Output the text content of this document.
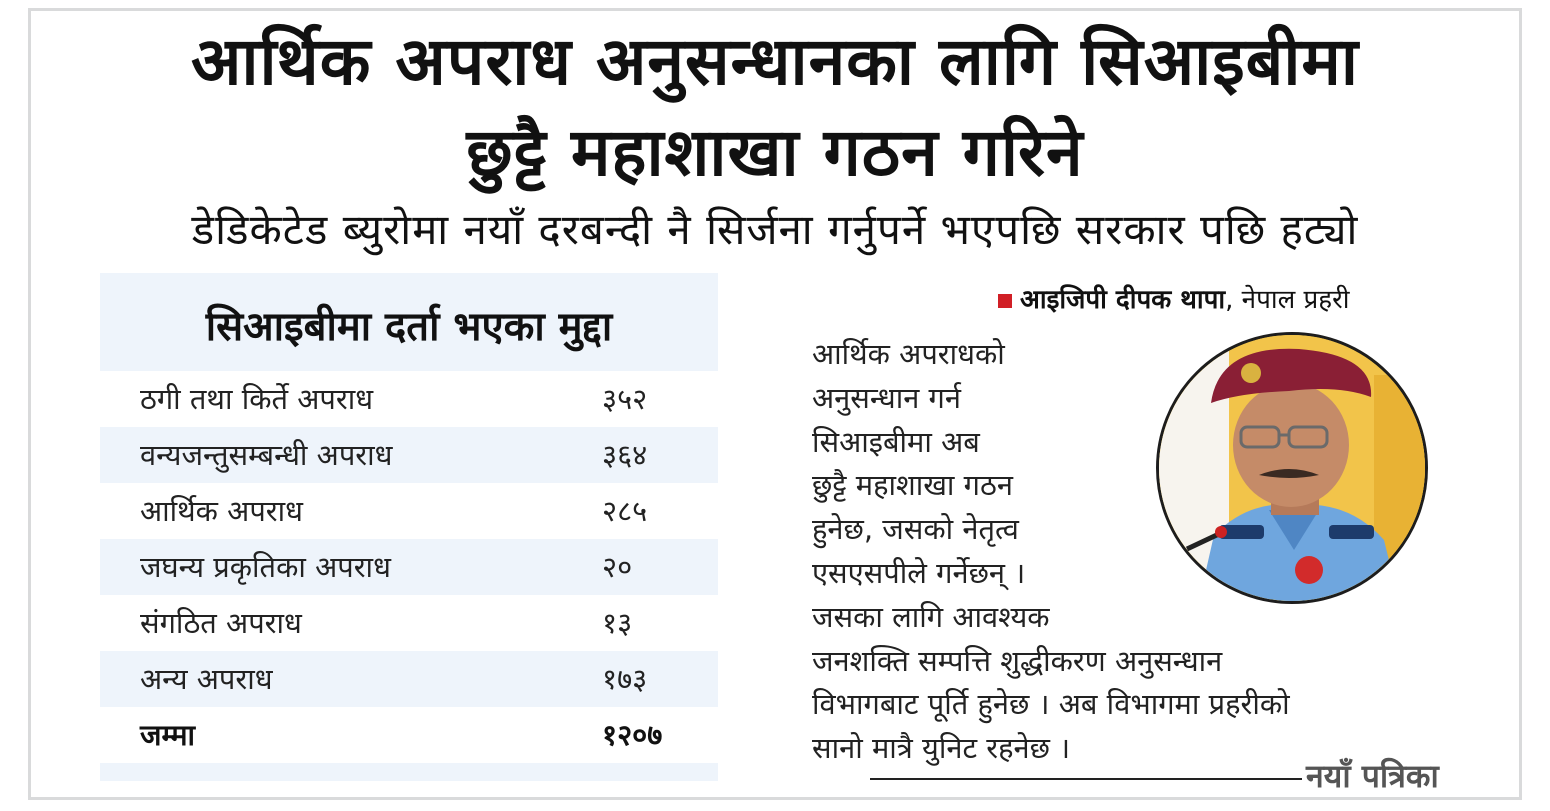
आर्थिक अपराध अनुसन्धानका लागि सिआइबीमा
छुट्टै महाशाखा गठन गरिने
डेडिकेटेड ब्युरोमा नयाँ दरबन्दी नै सिर्जना गर्नुपर्ने भएपछि सरकार पछि हट्यो
सिआइबीमा दर्ता भएका मुद्दा
ठगी तथा किर्ते अपराध	३५२
वन्यजन्तुसम्बन्धी अपराध	३६४
आर्थिक अपराध	२८५
जघन्य प्रकृतिका अपराध	२०
संगठित अपराध	१३
अन्य अपराध	१७३
जम्मा	१२०७
आइजिपी दीपक थापा, नेपाल प्रहरी
आर्थिक अपराधको
अनुसन्धान गर्न
सिआइबीमा अब
छुट्टै महाशाखा गठन
हुनेछ, जसको नेतृत्व
एसएसपीले गर्नेछन् ।
जसका लागि आवश्यक
जनशक्ति सम्पत्ति शुद्धीकरण अनुसन्धान
विभागबाट पूर्ति हुनेछ । अब विभागमा प्रहरीको
सानो मात्रै युनिट रहनेछ ।
नयाँ पत्रिका
